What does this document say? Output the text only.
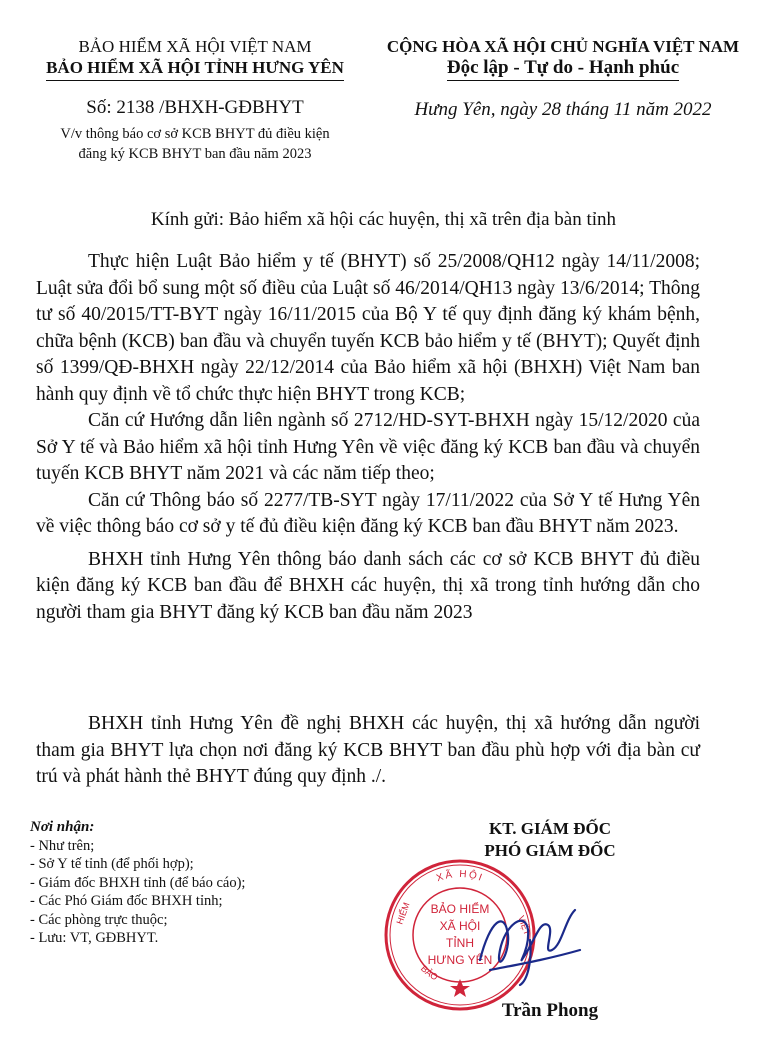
BẢO HIỂM XÃ HỘI VIỆT NAM
BẢO HIỂM XÃ HỘI TỈNH HƯNG YÊN
Số: 2138 /BHXH-GĐBHYT
V/v thông báo cơ sở KCB BHYT đủ điều kiện
đăng ký KCB BHYT ban đầu năm 2023
CỘNG HÒA XÃ HỘI CHỦ NGHĨA VIỆT NAM
Độc lập - Tự do - Hạnh phúc
Hưng Yên, ngày 28 tháng 11 năm 2022
Kính gửi: Bảo hiểm xã hội các huyện, thị xã trên địa bàn tỉnh

Thực hiện Luật Bảo hiểm y tế (BHYT) số 25/2008/QH12 ngày 14/11/2008; Luật sửa đổi bổ sung một số điều của Luật số 46/2014/QH13 ngày 13/6/2014; Thông tư số 40/2015/TT-BYT ngày 16/11/2015 của Bộ Y tế quy định đăng ký khám bệnh, chữa bệnh (KCB) ban đầu và chuyển tuyến KCB bảo hiểm y tế (BHYT); Quyết định số 1399/QĐ-BHXH ngày 22/12/2014 của Bảo hiểm xã hội (BHXH) Việt Nam ban hành quy định về tổ chức thực hiện BHYT trong KCB;

Căn cứ Hướng dẫn liên ngành số 2712/HD-SYT-BHXH ngày 15/12/2020 của Sở Y tế và Bảo hiểm xã hội tỉnh Hưng Yên về việc đăng ký KCB ban đầu và chuyển tuyến KCB BHYT năm 2021 và các năm tiếp theo;

Căn cứ Thông báo số 2277/TB-SYT ngày 17/11/2022 của Sở Y tế Hưng Yên về việc thông báo cơ sở y tế đủ điều kiện đăng ký KCB ban đầu BHYT năm 2023.

BHXH tỉnh Hưng Yên thông báo danh sách các cơ sở KCB BHYT đủ điều kiện đăng ký KCB ban đầu để BHXH các huyện, thị xã trong tỉnh hướng dẫn cho người tham gia BHYT đăng ký KCB ban đầu năm 2023

BHXH tỉnh Hưng Yên đề nghị BHXH các huyện, thị xã hướng dẫn người tham gia BHYT lựa chọn nơi đăng ký KCB BHYT ban đầu phù hợp với địa bàn cư trú và phát hành thẻ BHYT đúng quy định ./.

Nơi nhận:
- Như trên;
- Sở Y tế tỉnh (để phối hợp);
- Giám đốc BHXH tỉnh (để báo cáo);
- Các Phó Giám đốc BHXH tỉnh;
- Các phòng trực thuộc;
- Lưu: VT, GĐBHYT.
KT. GIÁM ĐỐC
PHÓ GIÁM ĐỐC
XÃ HỘI
HIỂM	VIỆT
BẢO
BẢO HIỂM
XÃ HỘI
TỈNH
HƯNG YÊN
Trần Phong
